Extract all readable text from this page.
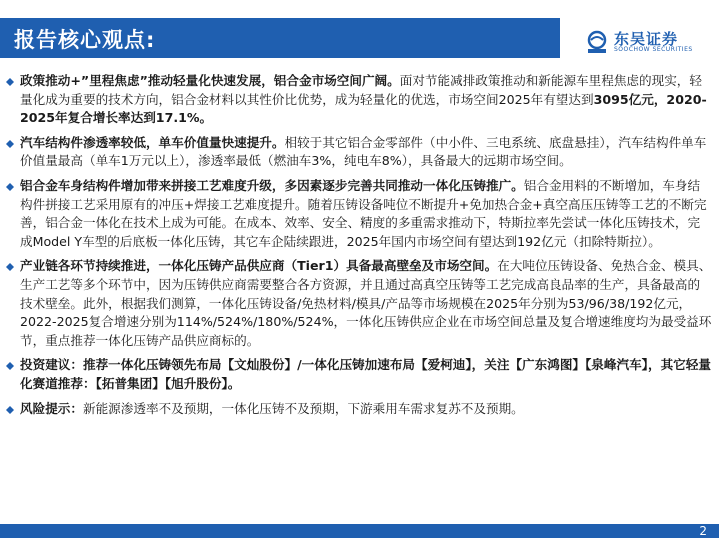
报告核心观点:	东吴证券
SOOCHOW SECURITIES
政策推动+”里程焦虑”推动轻量化快速发展，铝合金市场空间广阔。面对节能减排政策推动和新能源车里程焦虑的现实，轻量化成为重要的技术方向，铝合金材料以其性价比优势，成为轻量化的优选，市场空间2025年有望达到3095亿元，2020-2025年复合增长率达到17.1%。
汽车结构件渗透率较低，单车价值量快速提升。相较于其它铝合金零部件（中小件、三电系统、底盘悬挂），汽车结构件单车价值量最高（单车1万元以上），渗透率最低（燃油车3%，纯电车8%），具备最大的远期市场空间。
铝合金车身结构件增加带来拼接工艺难度升级，多因素逐步完善共同推动一体化压铸推广。铝合金用料的不断增加，车身结构件拼接工艺采用原有的冲压+焊接工艺难度提升。随着压铸设备吨位不断提升+免加热合金+真空高压压铸等工艺的不断完善，铝合金一体化在技术上成为可能。在成本、效率、安全、精度的多重需求推动下，特斯拉率先尝试一体化压铸技术，完成Model Y车型的后底板一体化压铸，其它车企陆续跟进，2025年国内市场空间有望达到192亿元（扣除特斯拉）。
产业链各环节持续推进，一体化压铸产品供应商（Tier1）具备最高壁垒及市场空间。在大吨位压铸设备、免热合金、模具、生产工艺等多个环节中，因为压铸供应商需要整合各方资源，并且通过高真空压铸等工艺完成高良品率的生产，具备最高的技术壁垒。此外，根据我们测算，一体化压铸设备/免热材料/模具/产品等市场规模在2025年分别为53/96/38/192亿元，2022-2025复合增速分别为114%/524%/180%/524%，一体化压铸供应企业在市场空间总量及复合增速维度均为最受益环节，重点推荐一体化压铸产品供应商标的。
投资建议：推荐一体化压铸领先布局【文灿股份】/一体化压铸加速布局【爱柯迪】，关注【广东鸿图】【泉峰汽车】，其它轻量化赛道推荐：【拓普集团】【旭升股份】。
风险提示：新能源渗透率不及预期，一体化压铸不及预期，下游乘用车需求复苏不及预期。
2
